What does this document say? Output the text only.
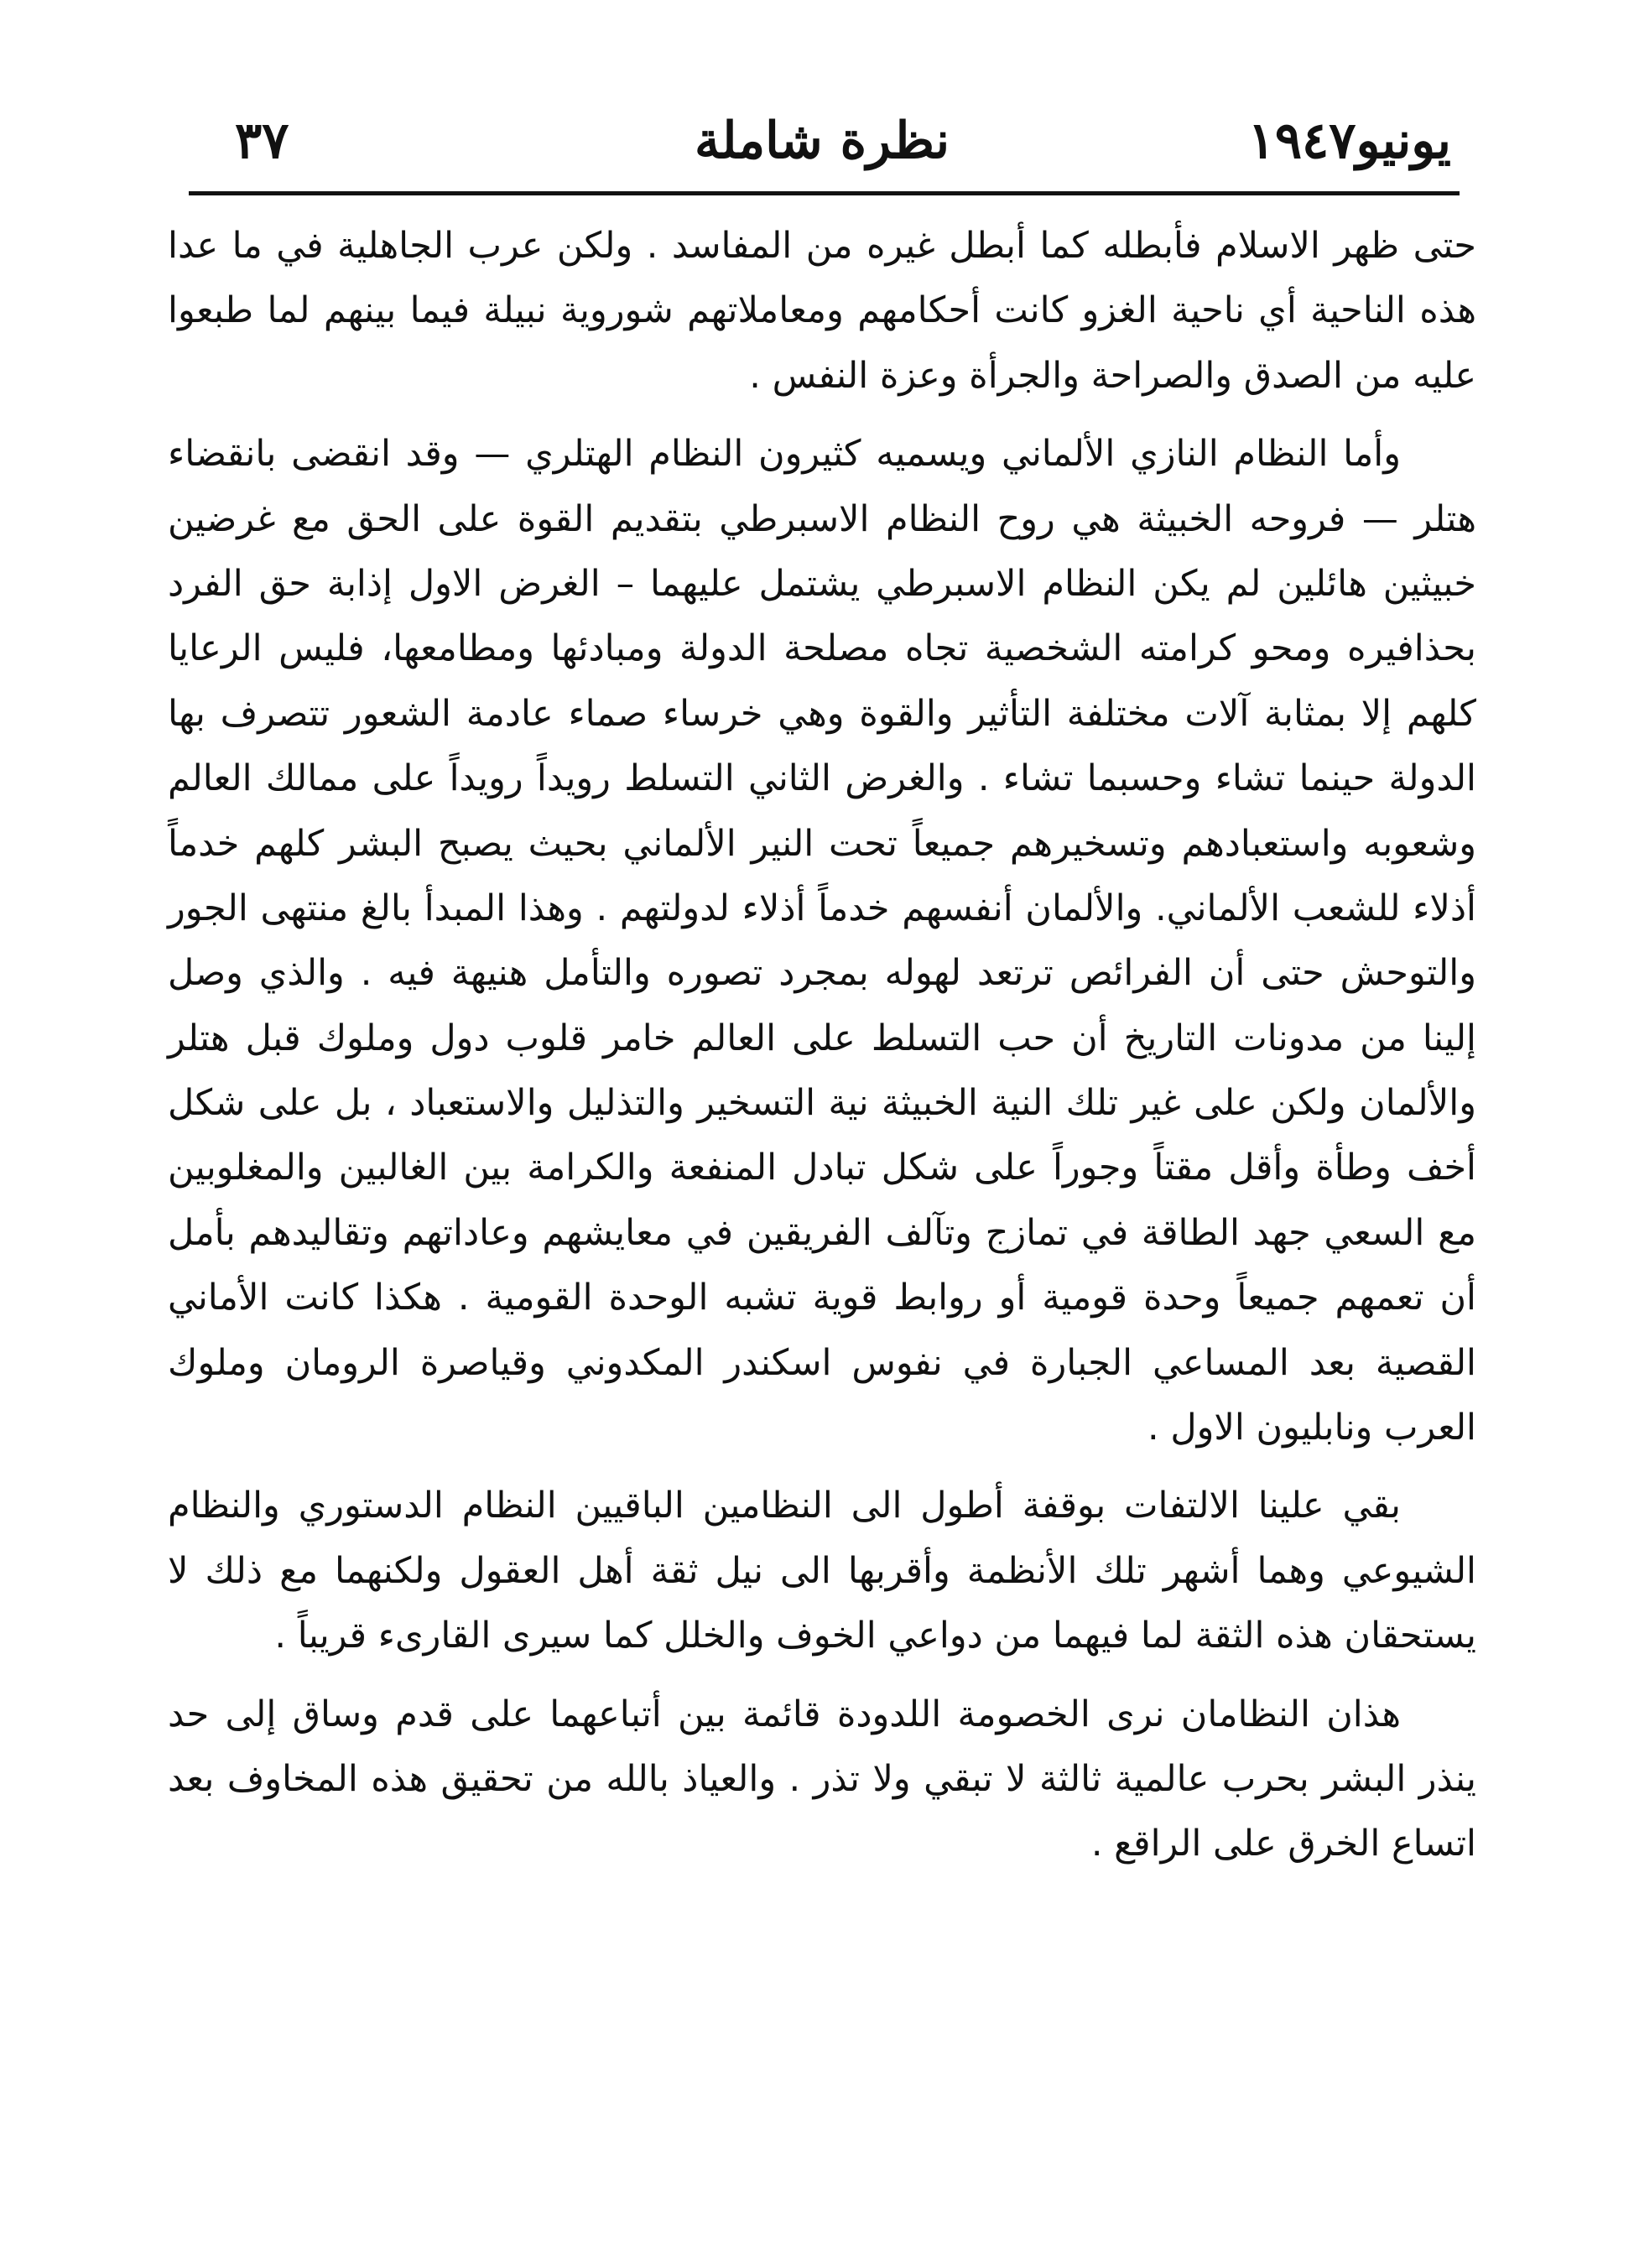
يونيو١٩٤٧
نظرة شاملة
٣٧

حتى ظهر الاسلام فأبطله كما أبطل غيره من المفاسد . ولكن عرب الجاهلية في ما عدا هذه الناحية أي ناحية الغزو كانت أحكامهم ومعاملاتهم شوروية نبيلة فيما بينهم لما طبعوا عليه من الصدق والصراحة والجرأة وعزة النفس .

وأما النظام النازي الألماني ويسميه كثيرون النظام الهتلري — وقد انقضى بانقضاء هتلر — فروحه الخبيثة هي روح النظام الاسبرطي بتقديم القوة على الحق مع غرضين خبيثين هائلين لم يكن النظام الاسبرطي يشتمل عليهما – الغرض الاول إذابة حق الفرد بحذافيره ومحو كرامته الشخصية تجاه مصلحة الدولة ومبادئها ومطامعها، فليس الرعايا كلهم إلا بمثابة آلات مختلفة التأثير والقوة وهي خرساء صماء عادمة الشعور تتصرف بها الدولة حينما تشاء وحسبما تشاء . والغرض الثاني التسلط رويداً رويداً على ممالك العالم وشعوبه واستعبادهم وتسخيرهم جميعاً تحت النير الألماني بحيث يصبح البشر كلهم خدماً أذلاء للشعب الألماني. والألمان أنفسهم خدماً أذلاء لدولتهم . وهذا المبدأ بالغ منتهى الجور والتوحش حتى أن الفرائص ترتعد لهوله بمجرد تصوره والتأمل هنيهة فيه . والذي وصل إلينا من مدونات التاريخ أن حب التسلط على العالم خامر قلوب دول وملوك قبل هتلر والألمان ولكن على غير تلك النية الخبيثة نية التسخير والتذليل والاستعباد ، بل على شكل أخف وطأة وأقل مقتاً وجوراً على شكل تبادل المنفعة والكرامة بين الغالبين والمغلوبين مع السعي جهد الطاقة في تمازج وتآلف الفريقين في معايشهم وعاداتهم وتقاليدهم بأمل أن تعمهم جميعاً وحدة قومية أو روابط قوية تشبه الوحدة القومية . هكذا كانت الأماني القصية بعد المساعي الجبارة في نفوس اسكندر المكدوني وقياصرة الرومان وملوك العرب ونابليون الاول .

بقي علينا الالتفات بوقفة أطول الى النظامين الباقيين النظام الدستوري والنظام الشيوعي وهما أشهر تلك الأنظمة وأقربها الى نيل ثقة أهل العقول ولكنهما مع ذلك لا يستحقان هذه الثقة لما فيهما من دواعي الخوف والخلل كما سيرى القارىء قريباً .

هذان النظامان نرى الخصومة اللدودة قائمة بين أتباعهما على قدم وساق إلى حد ينذر البشر بحرب عالمية ثالثة لا تبقي ولا تذر . والعياذ بالله من تحقيق هذه المخاوف بعد اتساع الخرق على الراقع .
